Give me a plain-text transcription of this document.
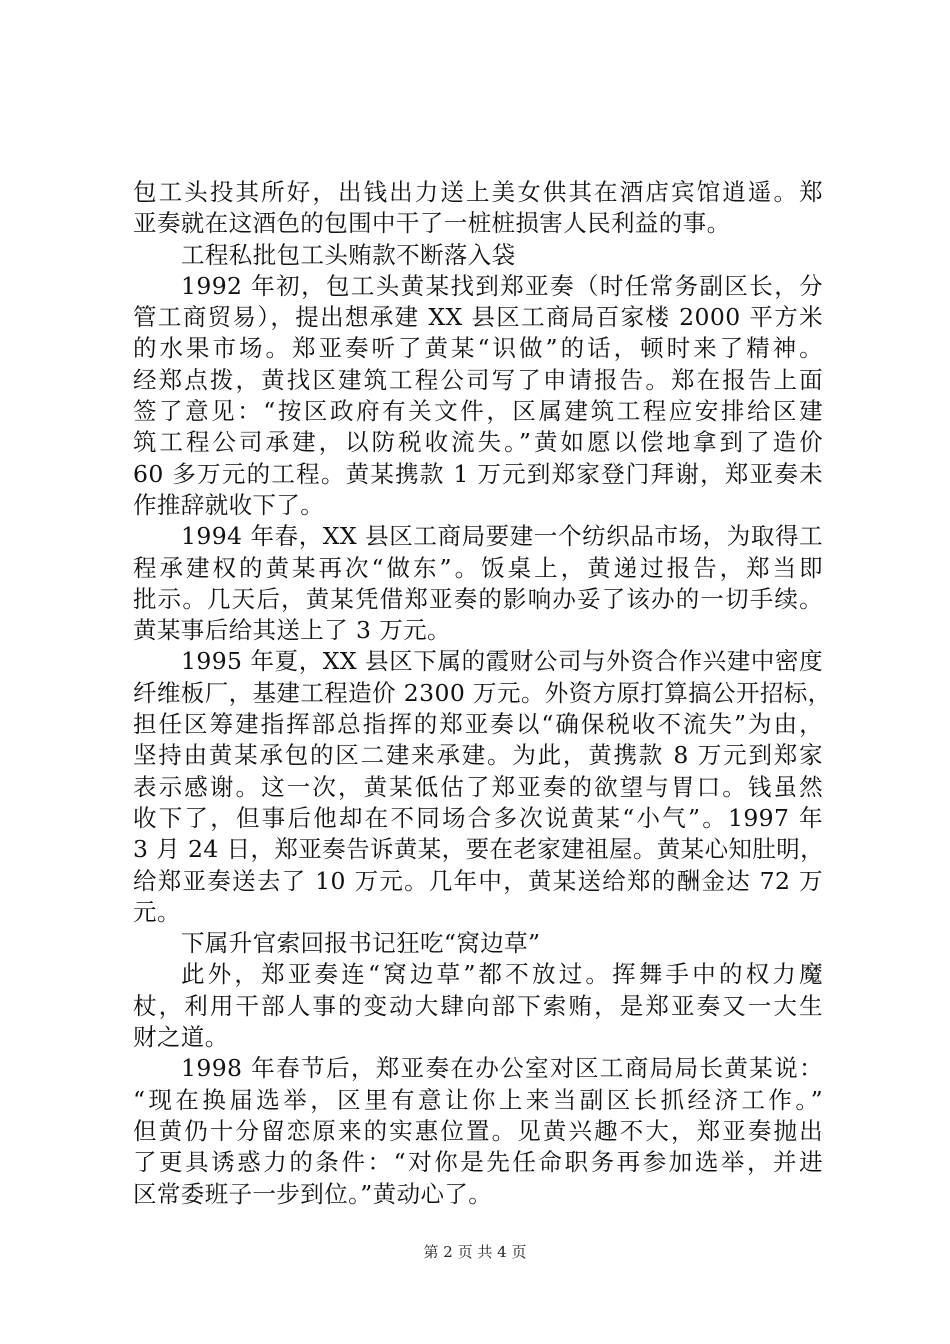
包工头投其所好，出钱出力送上美女供其在酒店宾馆逍遥。郑
亚奏就在这酒色的包围中干了一桩桩损害人民利益的事。
工程私批包工头贿款不断落入袋
1992 年初，包工头黄某找到郑亚奏（时任常务副区长，分
管工商贸易），提出想承建 XX 县区工商局百家楼 2000 平方米
的水果市场。郑亚奏听了黄某“识做”的话，顿时来了精神。
经郑点拨，黄找区建筑工程公司写了申请报告。郑在报告上面
签了意见：“按区政府有关文件，区属建筑工程应安排给区建
筑工程公司承建，以防税收流失。”黄如愿以偿地拿到了造价
60 多万元的工程。黄某携款 1 万元到郑家登门拜谢，郑亚奏未
作推辞就收下了。
1994 年春，XX 县区工商局要建一个纺织品市场，为取得工
程承建权的黄某再次“做东”。饭桌上，黄递过报告，郑当即
批示。几天后，黄某凭借郑亚奏的影响办妥了该办的一切手续。
黄某事后给其送上了 3 万元。
1995 年夏，XX 县区下属的霞财公司与外资合作兴建中密度
纤维板厂，基建工程造价 2300 万元。外资方原打算搞公开招标，
担任区筹建指挥部总指挥的郑亚奏以“确保税收不流失”为由，
坚持由黄某承包的区二建来承建。为此，黄携款 8 万元到郑家
表示感谢。这一次，黄某低估了郑亚奏的欲望与胃口。钱虽然
收下了，但事后他却在不同场合多次说黄某“小气”。1997 年
3 月 24 日，郑亚奏告诉黄某，要在老家建祖屋。黄某心知肚明，
给郑亚奏送去了 10 万元。几年中，黄某送给郑的酬金达 72 万
元。
下属升官索回报书记狂吃“窝边草”
此外，郑亚奏连“窝边草”都不放过。挥舞手中的权力魔
杖，利用干部人事的变动大肆向部下索贿，是郑亚奏又一大生
财之道。
1998 年春节后，郑亚奏在办公室对区工商局局长黄某说：
“现在换届选举，区里有意让你上来当副区长抓经济工作。”
但黄仍十分留恋原来的实惠位置。见黄兴趣不大，郑亚奏抛出
了更具诱惑力的条件：“对你是先任命职务再参加选举，并进
区常委班子一步到位。”黄动心了。
第 2 页 共 4 页
